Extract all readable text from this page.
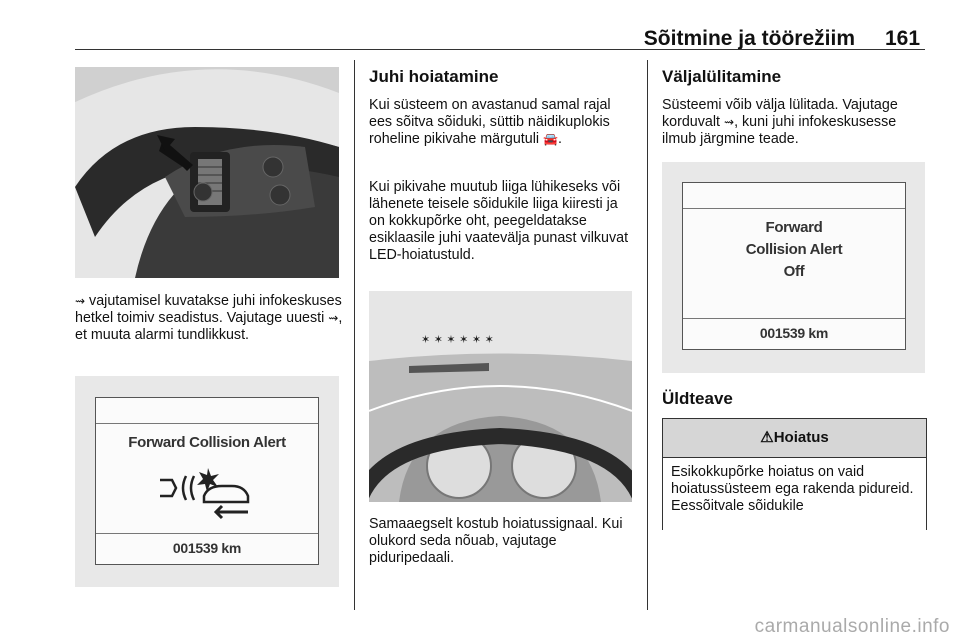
Sõitmine ja töörežiim 161
⇝ vajutamisel kuvatakse juhi infokeskuses hetkel toimiv seadistus. Vajutage uuesti ⇝, et muuta alarmi tundlikkust.
Forward Collision Alert
001539 km
Juhi hoiatamine
Kui süsteem on avastanud samal rajal ees sõitva sõiduki, süttib näidikuplokis roheline pikivahe märgutuli 🚘.
Kui pikivahe muutub liiga lühikeseks või lähenete teisele sõidukile liiga kiiresti ja on kokkupõrke oht, peegeldatakse esiklaasile juhi vaatevälja punast vilkuvat LED-hoiatustuld.
✶ ✶ ✶ ✶ ✶ ✶
Samaaegselt kostub hoiatussignaal. Kui olukord seda nõuab, vajutage piduripedaali.
Väljalülitamine
Süsteemi võib välja lülitada. Vajutage korduvalt ⇝, kuni juhi infokeskusesse ilmub järgmine teade.
Forward
Collision Alert
Off
001539 km
Üldteave
⚠Hoiatus
Esikokkupõrke hoiatus on vaid hoiatussüsteem ega rakenda pidureid. Eessõitvale sõidukile
carmanualsonline.info
